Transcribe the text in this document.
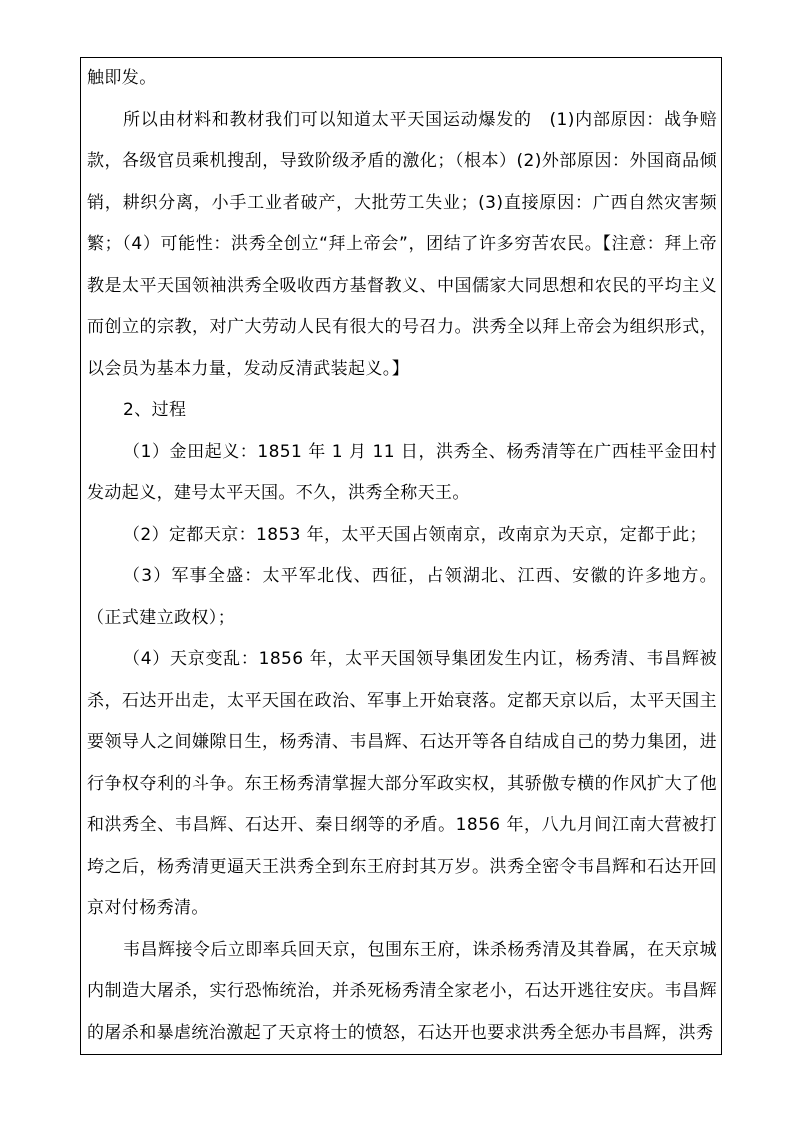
触即发。

所以由材料和教材我们可以知道太平天国运动爆发的　(1)内部原因：战争赔款，各级官员乘机搜刮，导致阶级矛盾的激化；（根本）(2)外部原因：外国商品倾销，耕织分离，小手工业者破产，大批劳工失业；(3)直接原因：广西自然灾害频繁；（4）可能性：洪秀全创立“拜上帝会”，团结了许多穷苦农民。【注意：拜上帝教是太平天国领袖洪秀全吸收西方基督教义、中国儒家大同思想和农民的平均主义而创立的宗教，对广大劳动人民有很大的号召力。洪秀全以拜上帝会为组织形式，以会员为基本力量，发动反清武装起义。】

2、过程

（1）金田起义：1851 年 1 月 11 日，洪秀全、杨秀清等在广西桂平金田村发动起义，建号太平天国。不久，洪秀全称天王。

（2）定都天京：1853 年，太平天国占领南京，改南京为天京，定都于此；

（3）军事全盛：太平军北伐、西征，占领湖北、江西、安徽的许多地方。（正式建立政权）；

（4）天京变乱：1856 年，太平天国领导集团发生内讧，杨秀清、韦昌辉被杀，石达开出走，太平天国在政治、军事上开始衰落。定都天京以后，太平天国主要领导人之间嫌隙日生，杨秀清、韦昌辉、石达开等各自结成自己的势力集团，进行争权夺利的斗争。东王杨秀清掌握大部分军政实权，其骄傲专横的作风扩大了他和洪秀全、韦昌辉、石达开、秦日纲等的矛盾。1856 年，八九月间江南大营被打垮之后，杨秀清更逼天王洪秀全到东王府封其万岁。洪秀全密令韦昌辉和石达开回京对付杨秀清。

韦昌辉接令后立即率兵回天京，包围东王府，诛杀杨秀清及其眷属，在天京城内制造大屠杀，实行恐怖统治，并杀死杨秀清全家老小，石达开逃往安庆。韦昌辉的屠杀和暴虐统治激起了天京将士的愤怒，石达开也要求洪秀全惩办韦昌辉，洪秀
